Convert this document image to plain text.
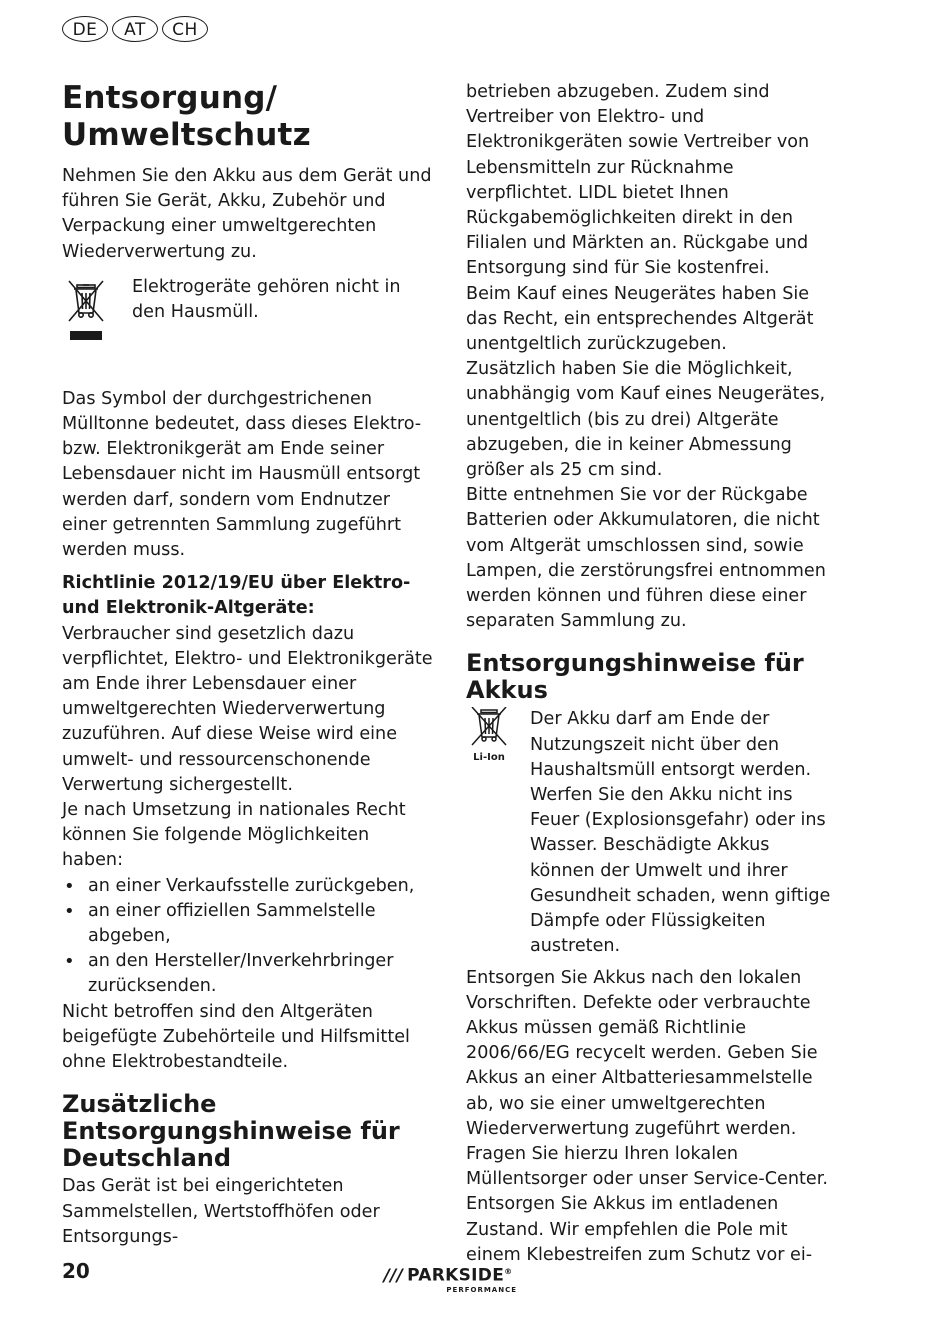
DE	AT	CH
Entsorgung/
Umweltschutz

Nehmen Sie den Akku aus dem Gerät und führen Sie Gerät, Akku, Zubehör und Verpackung einer umweltgerechten Wiederverwertung zu.

Elektrogeräte gehören nicht in den Hausmüll.

Das Symbol der durchgestrichenen Mülltonne bedeutet, dass dieses Elektro- bzw. Elektronikgerät am Ende seiner Lebensdauer nicht im Hausmüll entsorgt werden darf, sondern vom Endnutzer einer getrennten Sammlung zugeführt werden muss.

Richtlinie 2012/19/EU über Elektro- und Elektronik-Altgeräte:

Verbraucher sind gesetzlich dazu verpflichtet, Elektro- und Elektronikgeräte am Ende ihrer Lebensdauer einer umweltgerechten Wiederverwertung zuzuführen. Auf diese Weise wird eine umwelt- und ressourcenschonende Verwertung sichergestellt.

Je nach Umsetzung in nationales Recht können Sie folgende Möglichkeiten haben:

• an einer Verkaufsstelle zurückgeben,
• an einer offiziellen Sammelstelle abgeben,
• an den Hersteller/Inverkehrbringer zurücksenden.

Nicht betroffen sind den Altgeräten beigefügte Zubehörteile und Hilfsmittel ohne Elektrobestandteile.

Zusätzliche Entsorgungshinweise für Deutschland

Das Gerät ist bei eingerichteten Sammelstellen, Wertstoffhöfen oder Entsorgungs-

betrieben abzugeben. Zudem sind Vertreiber von Elektro- und Elektronikgeräten sowie Vertreiber von Lebensmitteln zur Rücknahme verpflichtet. LIDL bietet Ihnen Rückgabemöglichkeiten direkt in den Filialen und Märkten an. Rückgabe und Entsorgung sind für Sie kostenfrei.

Beim Kauf eines Neugerätes haben Sie das Recht, ein entsprechendes Altgerät unentgeltlich zurückzugeben.

Zusätzlich haben Sie die Möglichkeit, unabhängig vom Kauf eines Neugerätes, unentgeltlich (bis zu drei) Altgeräte abzugeben, die in keiner Abmessung größer als 25 cm sind.

Bitte entnehmen Sie vor der Rückgabe Batterien oder Akkumulatoren, die nicht vom Altgerät umschlossen sind, sowie Lampen, die zerstörungsfrei entnommen werden können und führen diese einer separaten Sammlung zu.

Entsorgungshinweise für Akkus
Li-Ion

Der Akku darf am Ende der Nutzungszeit nicht über den Haushaltsmüll entsorgt werden. Werfen Sie den Akku nicht ins Feuer (Explosionsgefahr) oder ins Wasser. Beschädigte Akkus können der Umwelt und ihrer Gesundheit schaden, wenn giftige Dämpfe oder Flüssigkeiten austreten.

Entsorgen Sie Akkus nach den lokalen Vorschriften. Defekte oder verbrauchte Akkus müssen gemäß Richtlinie 2006/66/EG recycelt werden. Geben Sie Akkus an einer Altbatteriesammelstelle ab, wo sie einer umweltgerechten Wiederverwertung zugeführt werden. Fragen Sie hierzu Ihren lokalen Müllentsorger oder unser Service-Center. Entsorgen Sie Akkus im entladenen Zustand. Wir empfehlen die Pole mit einem Klebestreifen zum Schutz vor ei-

20	/// PARKSIDE®
PERFORMANCE
